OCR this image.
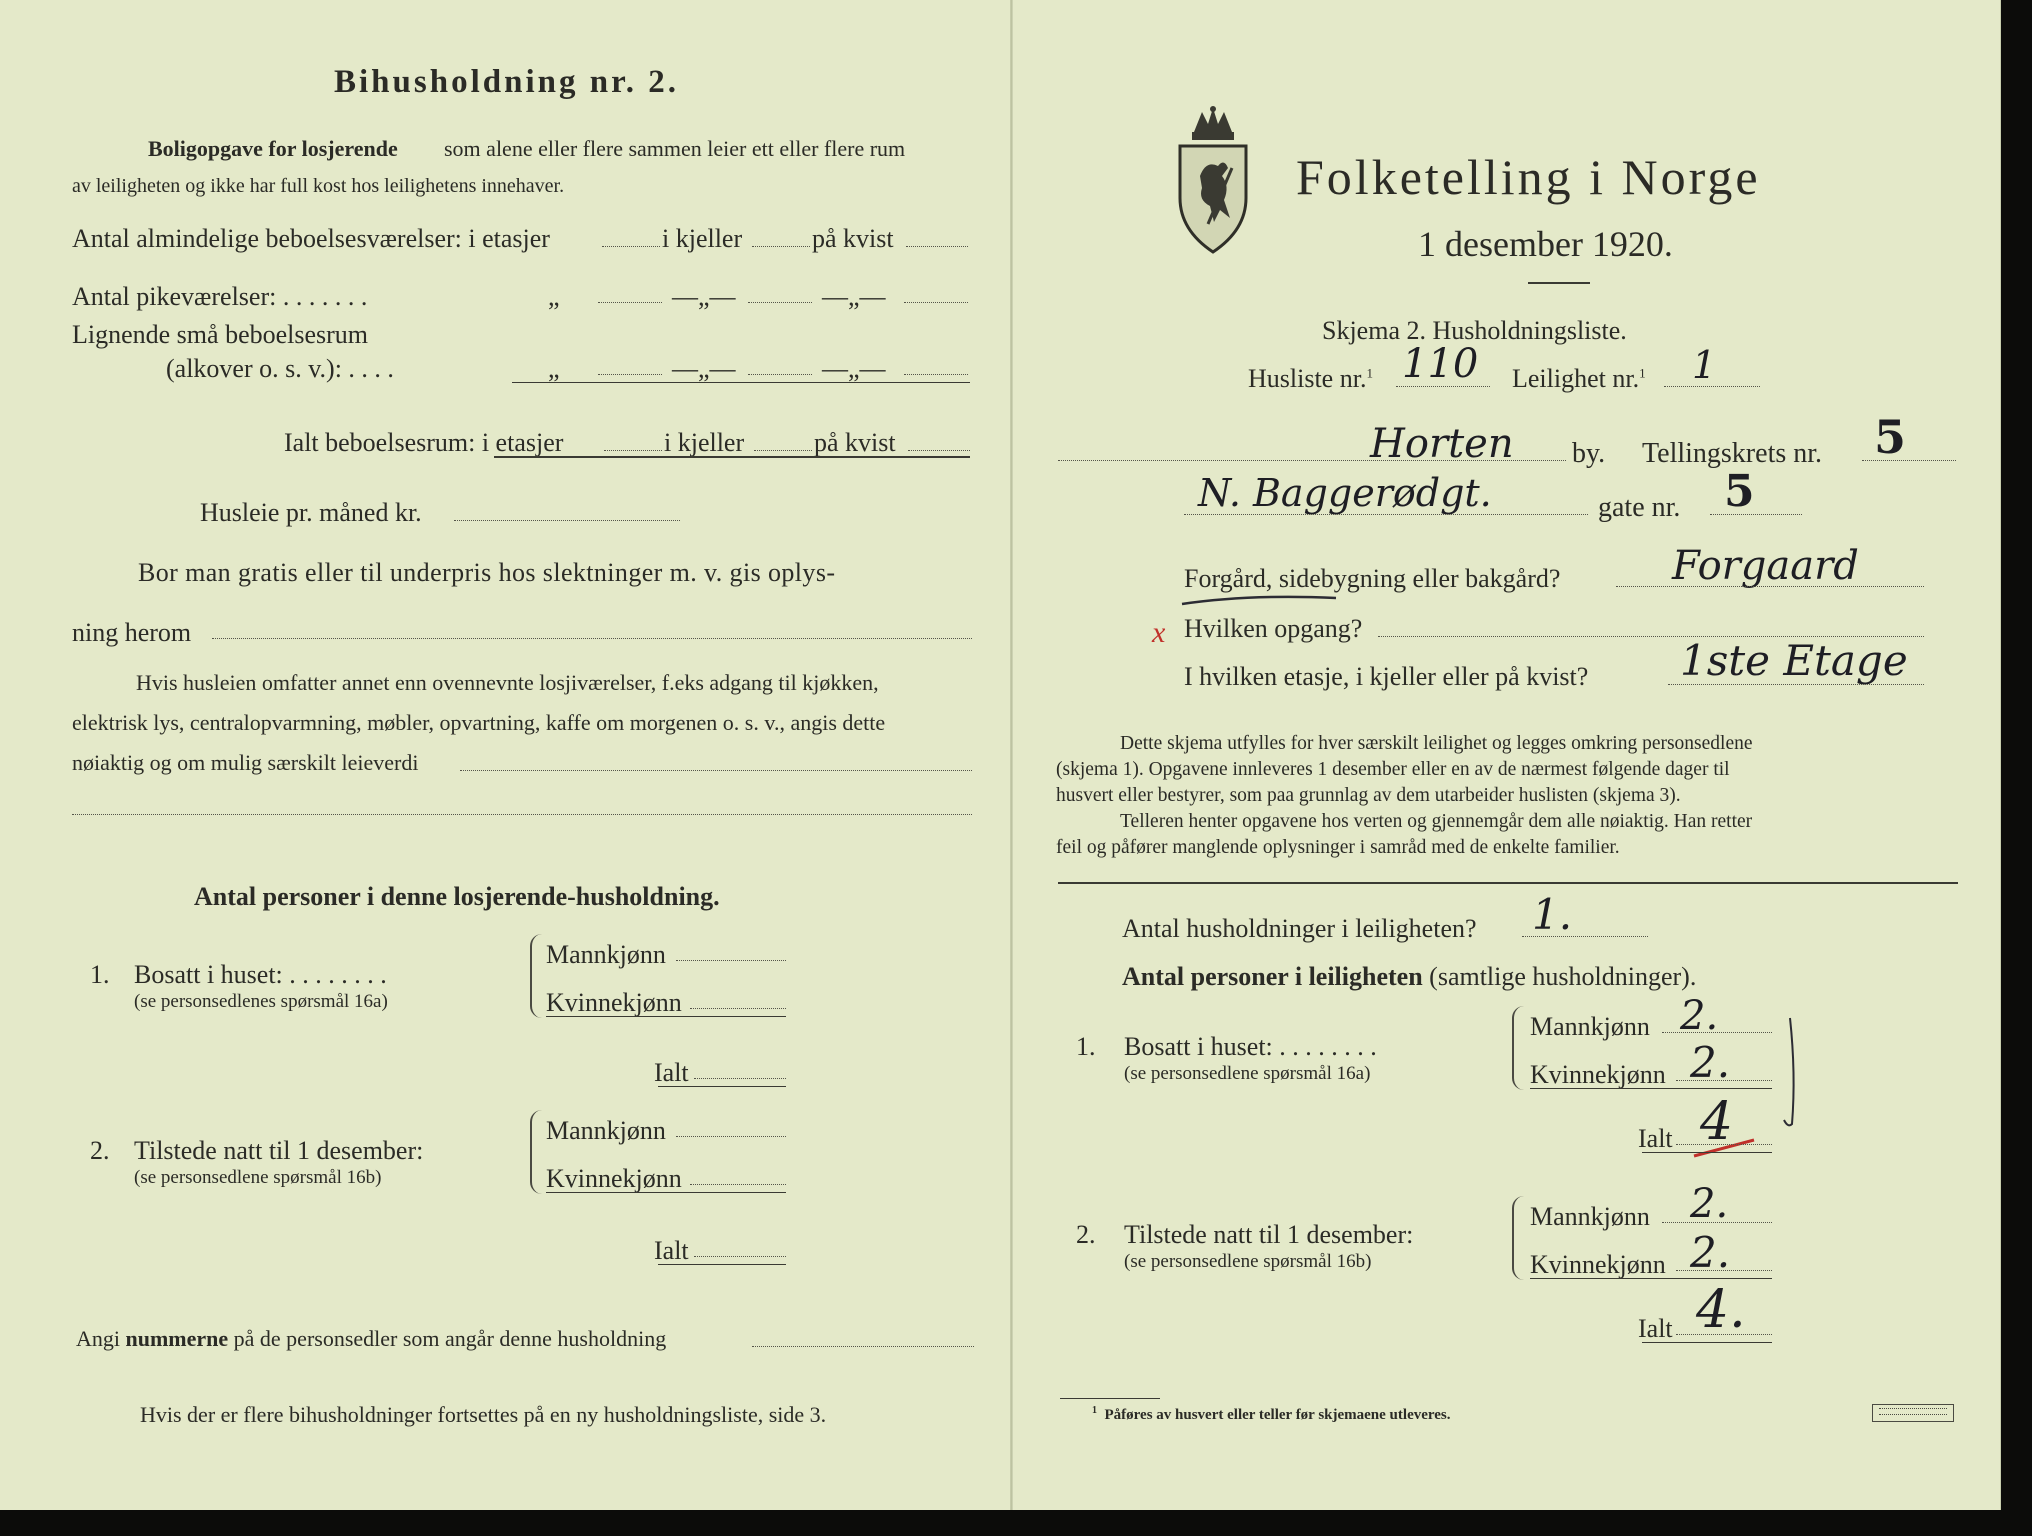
Bihusholdning nr. 2.
Boligopgave for losjerende som alene eller flere sammen leier ett eller flere rum
av leiligheten og ikke har full kost hos leilighetens innehaver.
Antal almindelige beboelsesværelser: i etasjer	i kjeller	på kvist
Antal pikeværelser: . . . . . . .	„	—„—	—„—
Lignende små beboelsesrum
(alkover o. s. v.): . . . .	„	—„—	—„—
Ialt beboelsesrum: i etasjer	i kjeller	på kvist
Husleie pr. måned kr.
Bor man gratis eller til underpris hos slektninger m. v. gis oplys-
ning herom
Hvis husleien omfatter annet enn ovennevnte losjiværelser, f.eks adgang til kjøkken,
elektrisk lys, centralopvarmning, møbler, opvartning, kaffe om morgenen o. s. v., angis dette
nøiaktig og om mulig særskilt leieverdi
Antal personer i denne losjerende-husholdning.
1. Bosatt i huset: . . . . . . . .
(se personsedlenes spørsmål 16a)
Mannkjønn
Kvinnekjønn
Ialt
2. Tilstede natt til 1 desember:
(se personsedlene spørsmål 16b)
Mannkjønn
Kvinnekjønn
Ialt
Angi nummerne på de personsedler som angår denne husholdning
Hvis der er flere bihusholdninger fortsettes på en ny husholdningsliste, side 3.
Folketelling i Norge
1 desember 1920.
Skjema 2. Husholdningsliste.
Husliste nr.$^1$ 110 Leilighet nr.$^1$ 1
Horten by. Tellingskrets nr. 5
N. Baggerødgt.	gate nr. 5
Forgård, sidebygning eller bakgård?	Forgaard
x Hvilken opgang?
I hvilken etasje, i kjeller eller på kvist? 1ste Etage
Dette skjema utfylles for hver særskilt leilighet og legges omkring personsedlene
(skjema 1). Opgavene innleveres 1 desember eller en av de nærmest følgende dager til
husvert eller bestyrer, som paa grunnlag av dem utarbeider huslisten (skjema 3).
Telleren henter opgavene hos verten og gjennemgår dem alle nøiaktig. Han retter
feil og påfører manglende oplysninger i samråd med de enkelte familier.
Antal husholdninger i leiligheten? 1.
Antal personer i leiligheten (samtlige husholdninger).
1. Bosatt i huset: . . . . . . . .
(se personsedlene spørsmål 16a)
Mannkjønn 2.
Kvinnekjønn 2.
Ialt 4
2. Tilstede natt til 1 desember:
(se personsedlene spørsmål 16b)
Mannkjønn 2.
Kvinnekjønn 2.
Ialt 4.
$^1$ Påføres av husvert eller teller før skjemaene utleveres.
